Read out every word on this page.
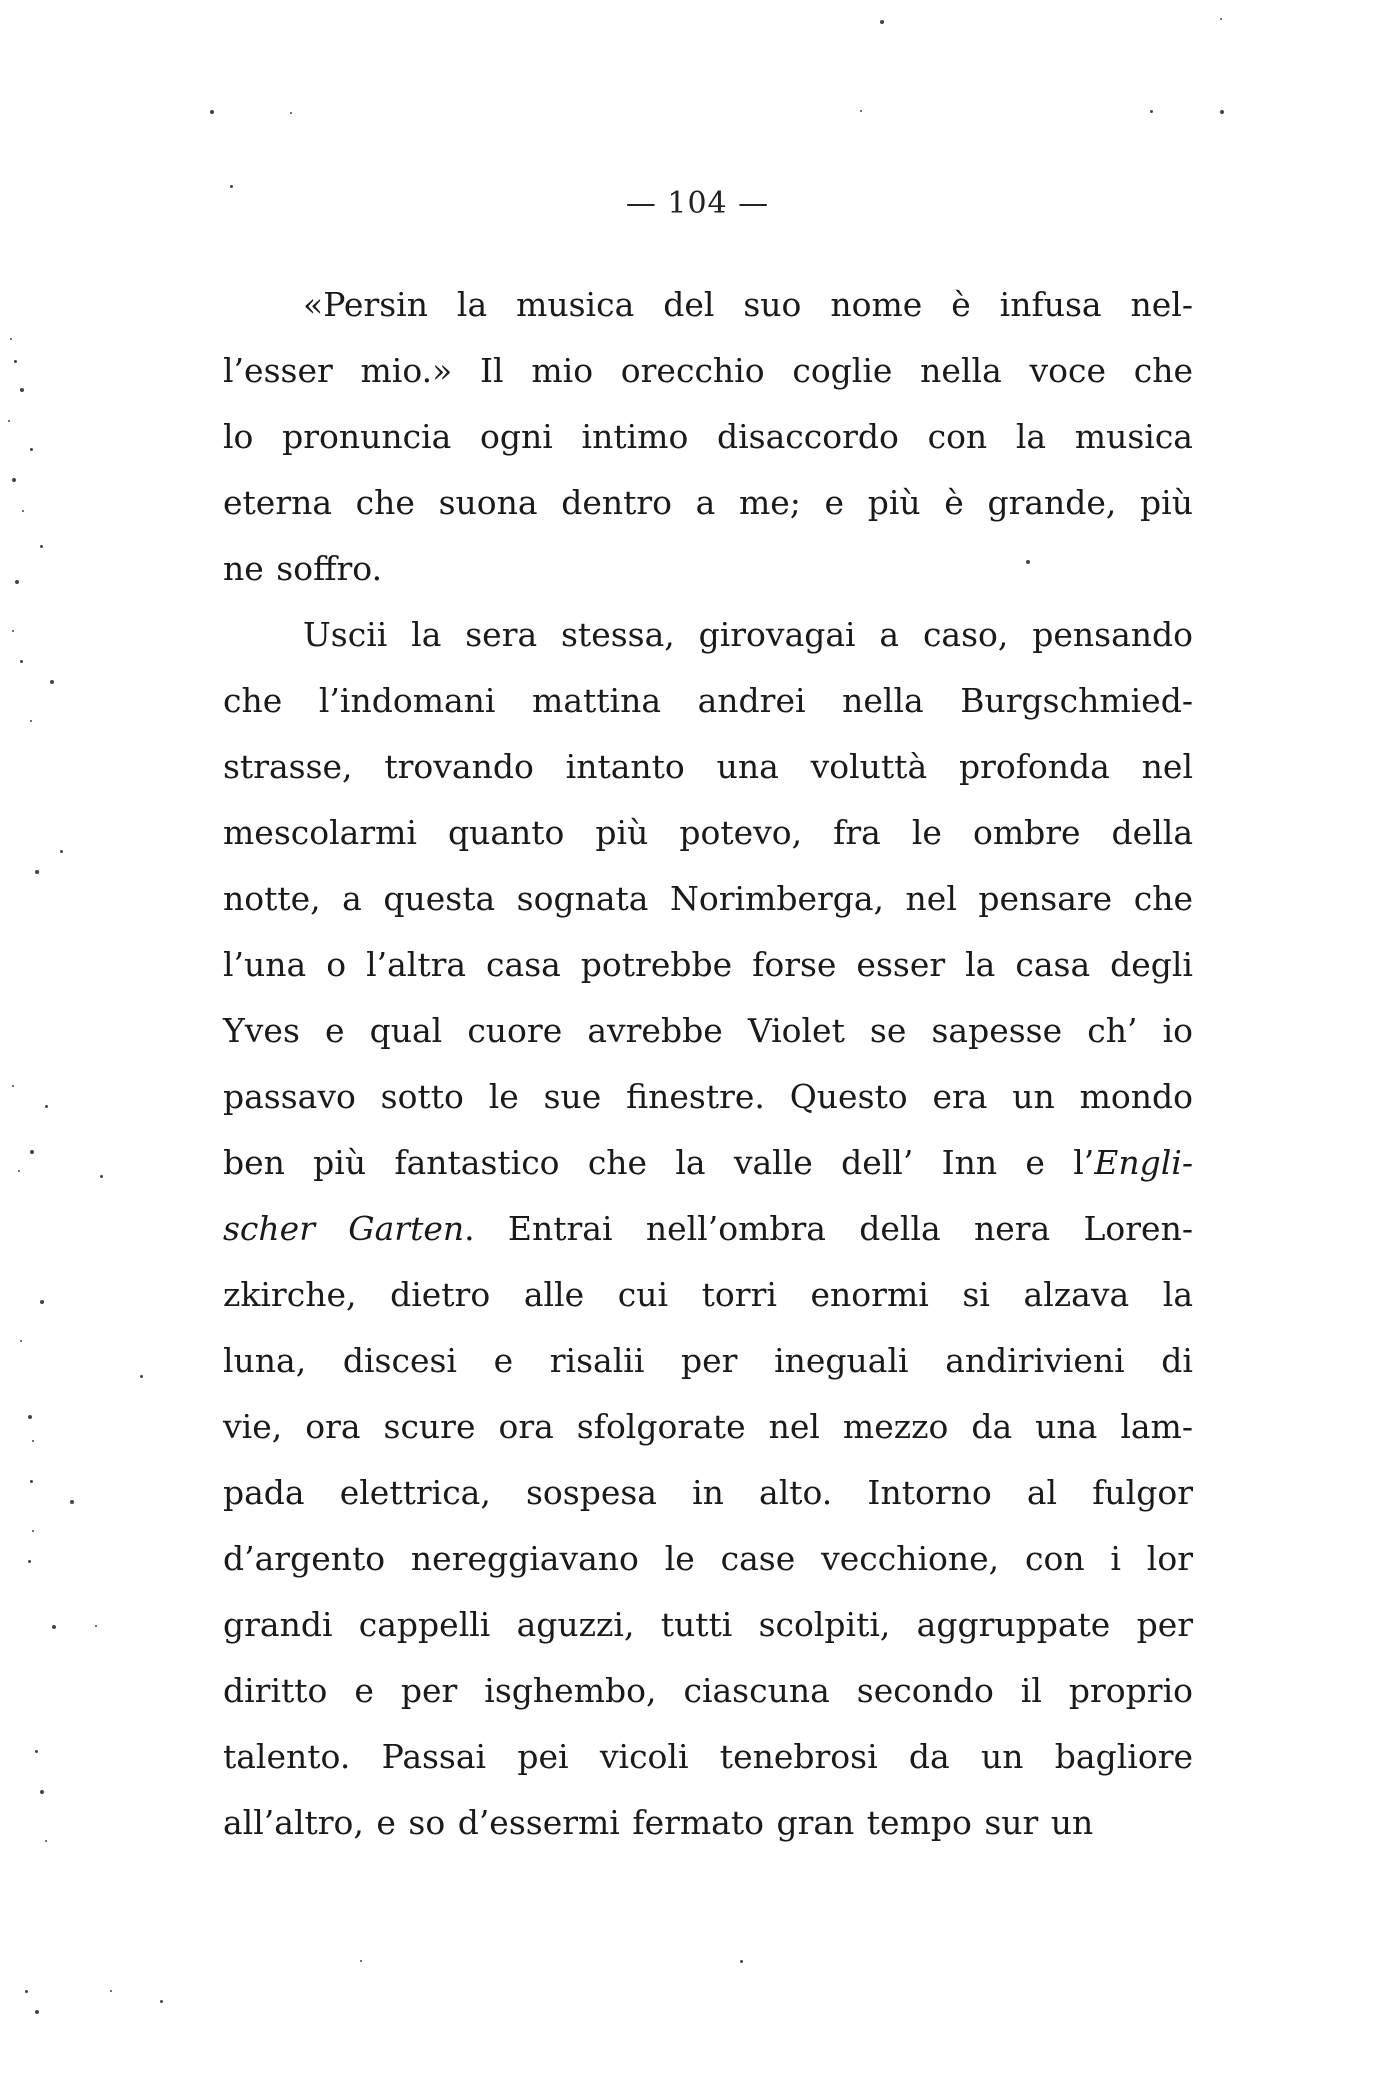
— 104 —
«Persin la musica del suo nome è infusa nel-
l’esser mio.» Il mio orecchio coglie nella voce che
lo pronuncia ogni intimo disaccordo con la musica
eterna che suona dentro a me; e più è grande, più
ne soffro.
Uscii la sera stessa, girovagai a caso, pensando
che l’indomani mattina andrei nella Burgschmied-
strasse, trovando intanto una voluttà profonda nel
mescolarmi quanto più potevo, fra le ombre della
notte, a questa sognata Norimberga, nel pensare che
l’una o l’altra casa potrebbe forse esser la casa degli
Yves e qual cuore avrebbe Violet se sapesse ch’ io
passavo sotto le sue finestre. Questo era un mondo
ben più fantastico che la valle dell’ Inn e l’Engli-
scher Garten. Entrai nell’ombra della nera Loren-
zkirche, dietro alle cui torri enormi si alzava la
luna, discesi e risalii per ineguali andirivieni di
vie, ora scure ora sfolgorate nel mezzo da una lam-
pada elettrica, sospesa in alto. Intorno al fulgor
d’argento nereggiavano le case vecchione, con i lor
grandi cappelli aguzzi, tutti scolpiti, aggruppate per
diritto e per isghembo, ciascuna secondo il proprio
talento. Passai pei vicoli tenebrosi da un bagliore
all’altro, e so d’essermi fermato gran tempo sur un
